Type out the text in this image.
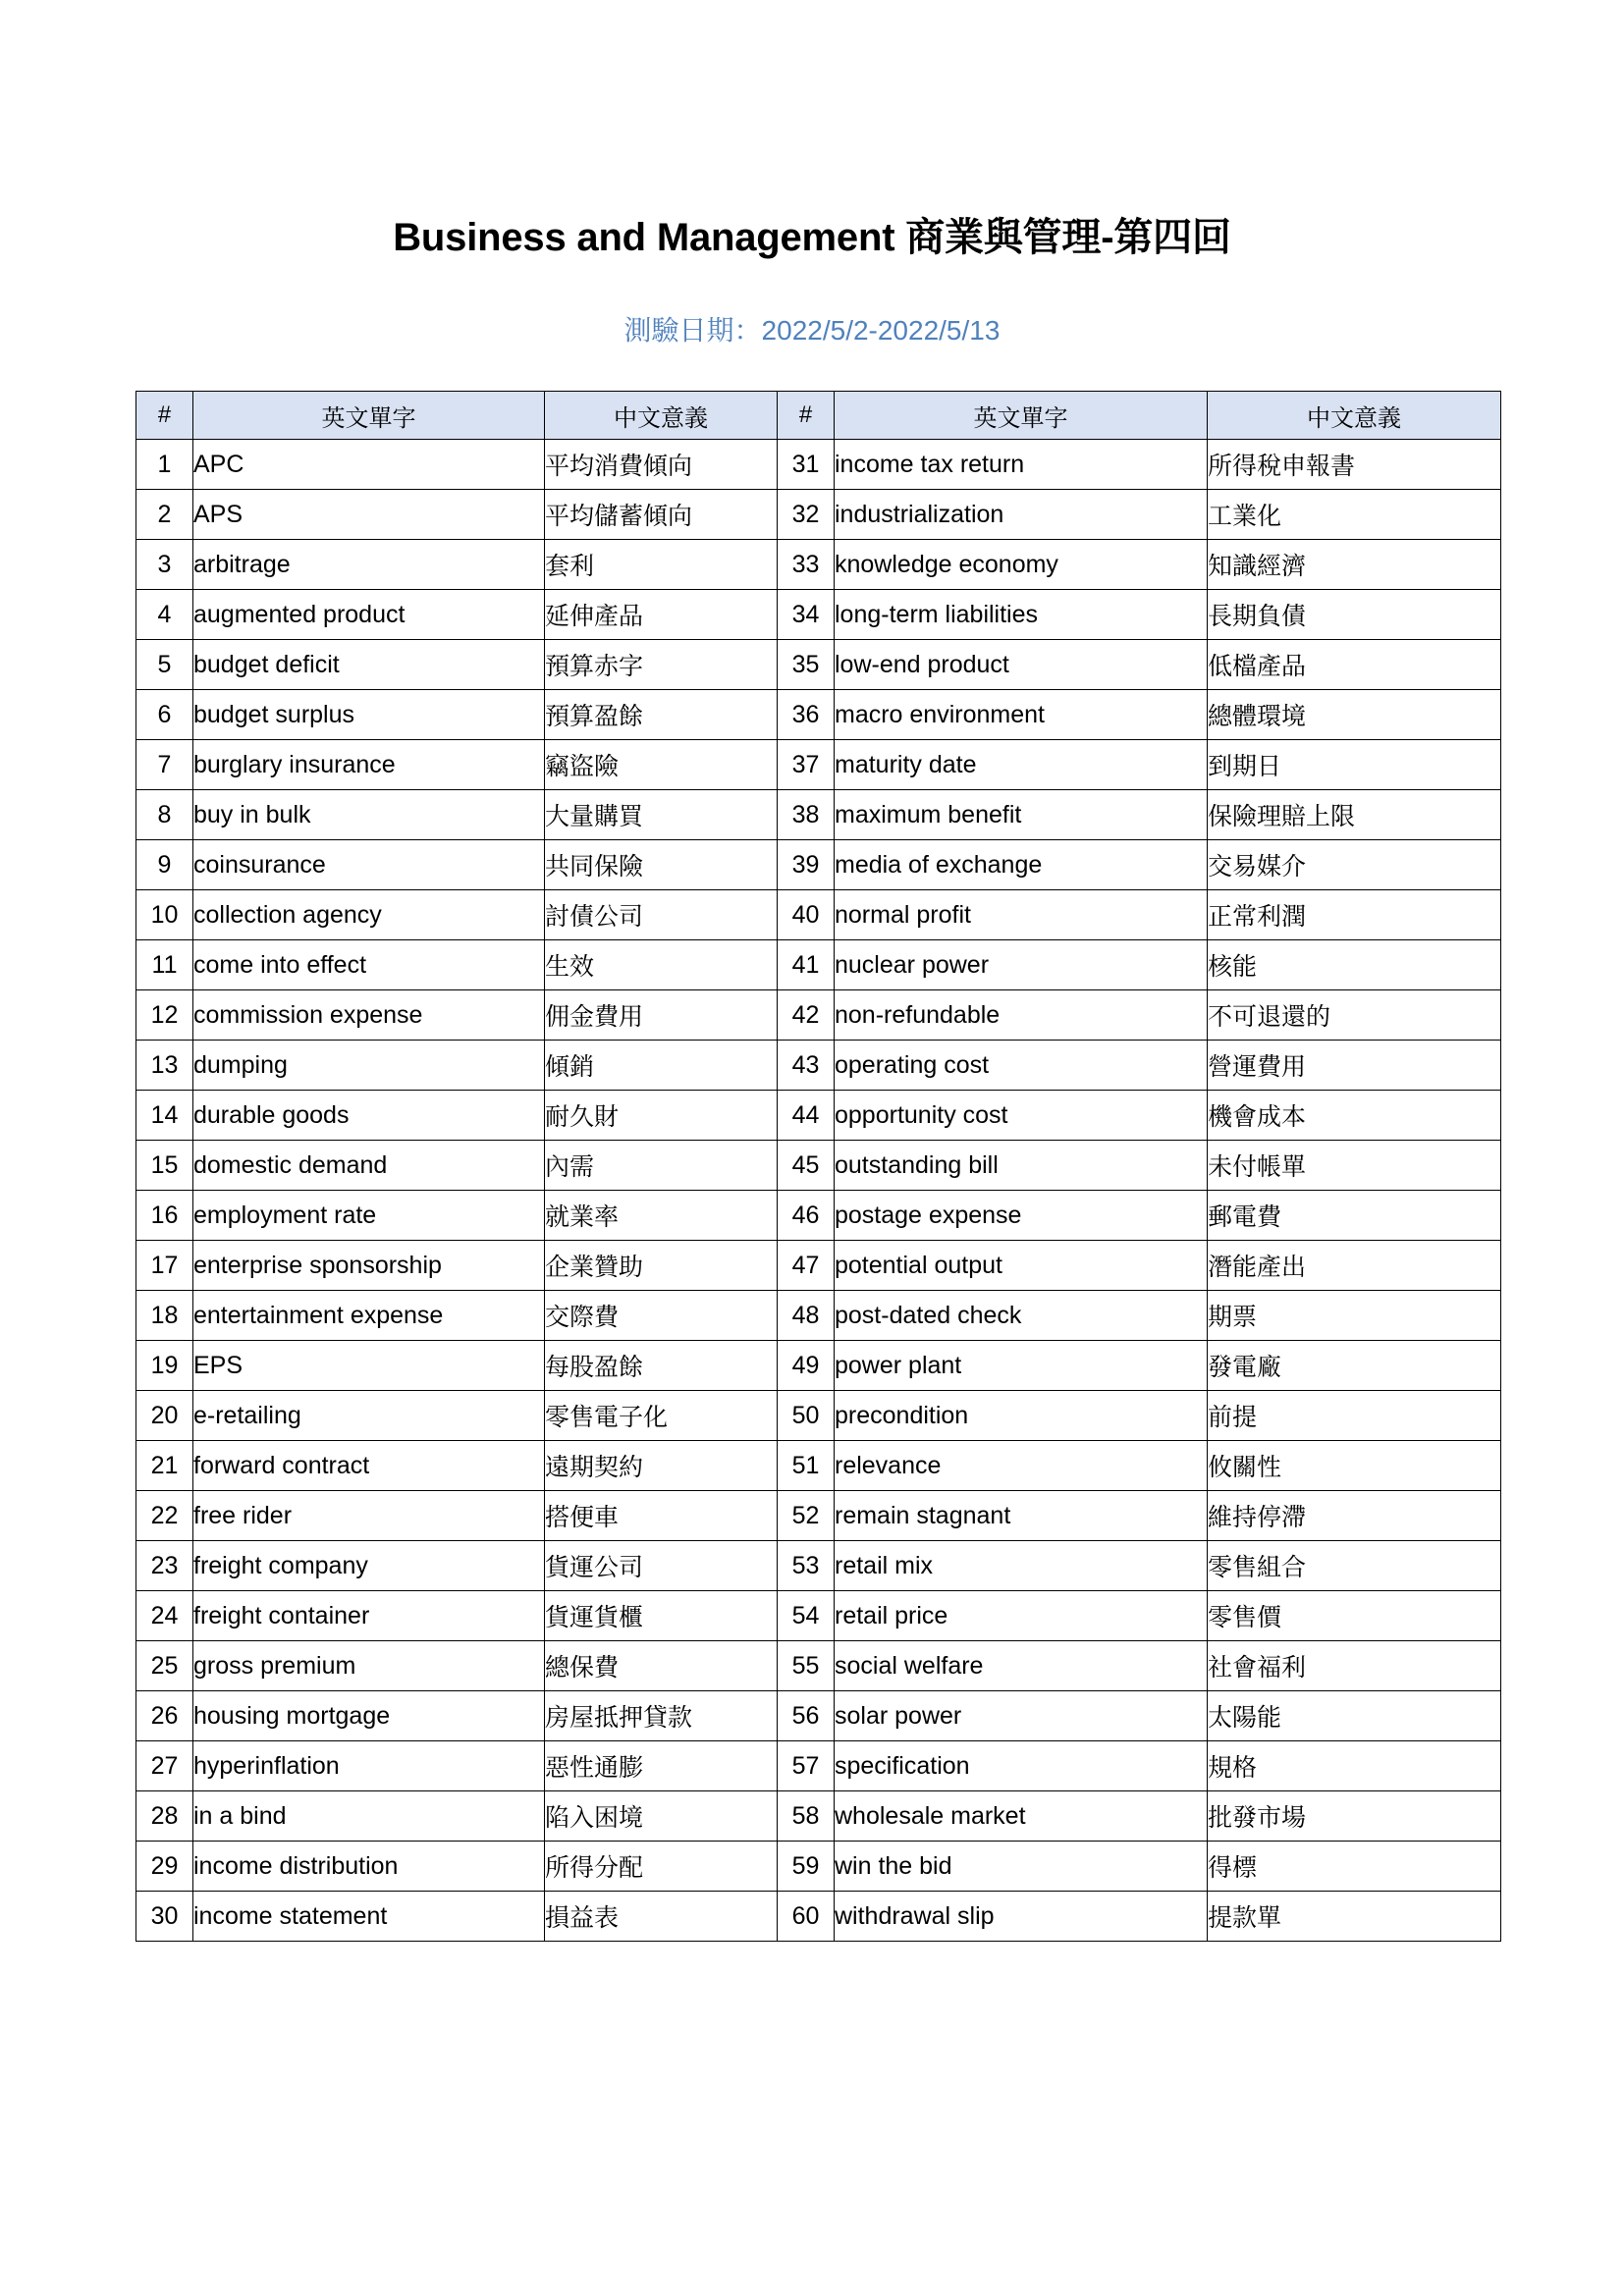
Business and Management 商業與管理-第四回
測驗日期：2022/5/2-2022/5/13
#	英文單字	中文意義	#	英文單字	中文意義
1	APC	平均消費傾向	31	income tax return	所得稅申報書
2	APS	平均儲蓄傾向	32	industrialization	工業化
3	arbitrage	套利	33	knowledge economy	知識經濟
4	augmented product	延伸產品	34	long-term liabilities	長期負債
5	budget deficit	預算赤字	35	low-end product	低檔產品
6	budget surplus	預算盈餘	36	macro environment	總體環境
7	burglary insurance	竊盜險	37	maturity date	到期日
8	buy in bulk	大量購買	38	maximum benefit	保險理賠上限
9	coinsurance	共同保險	39	media of exchange	交易媒介
10	collection agency	討債公司	40	normal profit	正常利潤
11	come into effect	生效	41	nuclear power	核能
12	commission expense	佣金費用	42	non-refundable	不可退還的
13	dumping	傾銷	43	operating cost	營運費用
14	durable goods	耐久財	44	opportunity cost	機會成本
15	domestic demand	內需	45	outstanding bill	未付帳單
16	employment rate	就業率	46	postage expense	郵電費
17	enterprise sponsorship	企業贊助	47	potential output	潛能產出
18	entertainment expense	交際費	48	post-dated check	期票
19	EPS	每股盈餘	49	power plant	發電廠
20	e-retailing	零售電子化	50	precondition	前提
21	forward contract	遠期契約	51	relevance	攸關性
22	free rider	搭便車	52	remain stagnant	維持停滯
23	freight company	貨運公司	53	retail mix	零售組合
24	freight container	貨運貨櫃	54	retail price	零售價
25	gross premium	總保費	55	social welfare	社會福利
26	housing mortgage	房屋抵押貸款	56	solar power	太陽能
27	hyperinflation	惡性通膨	57	specification	規格
28	in a bind	陷入困境	58	wholesale market	批發市場
29	income distribution	所得分配	59	win the bid	得標
30	income statement	損益表	60	withdrawal slip	提款單
